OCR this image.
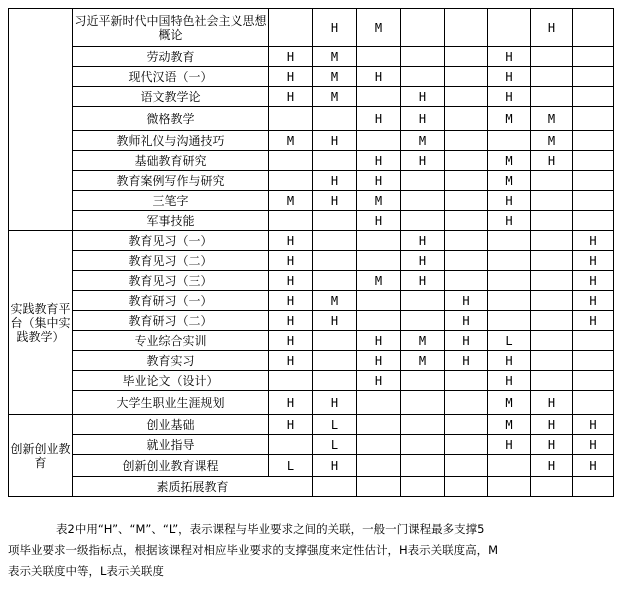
	习近平新时代中国特色社会主义思想概论		H	M				H		
	劳动教育	H	M				H			
	现代汉语（一）	H	M	H			H			
	语文教学论	H	M		H		H			
	微格教学			H	H		M	M		
	教师礼仪与沟通技巧	M	H		M			M		
	基础教育研究			H	H		M	H		
	教育案例写作与研究		H	H			M			
	三笔字	M	H	M			H			
	军事技能			H			H			
实践教育平台（集中实践教学）	教育见习（一）	H			H				H	
	教育见习（二）	H			H				H	
	教育见习（三）	H		M	H				H	
	教育研习（一）	H	M			H			H	
	教育研习（二）	H	H			H			H	
	专业综合实训	H		H	M	H	L			
	教育实习	H		H	M	H	H			
	毕业论文（设计）			H			H			
	大学生职业生涯规划	H	H				M	H		
创新创业教育	创业基础	H	L				M	H	H	
	就业指导		L				H	H	H	
	创新创业教育课程	L	H					H	H	
	素质拓展教育									

表2中用“H”、“M”、“L”，表示课程与毕业要求之间的关联，一般一门课程最多支撑5

项毕业要求一级指标点，根据该课程对相应毕业要求的支撑强度来定性估计，H表示关联度高，M

表示关联度中等，L表示关联度
